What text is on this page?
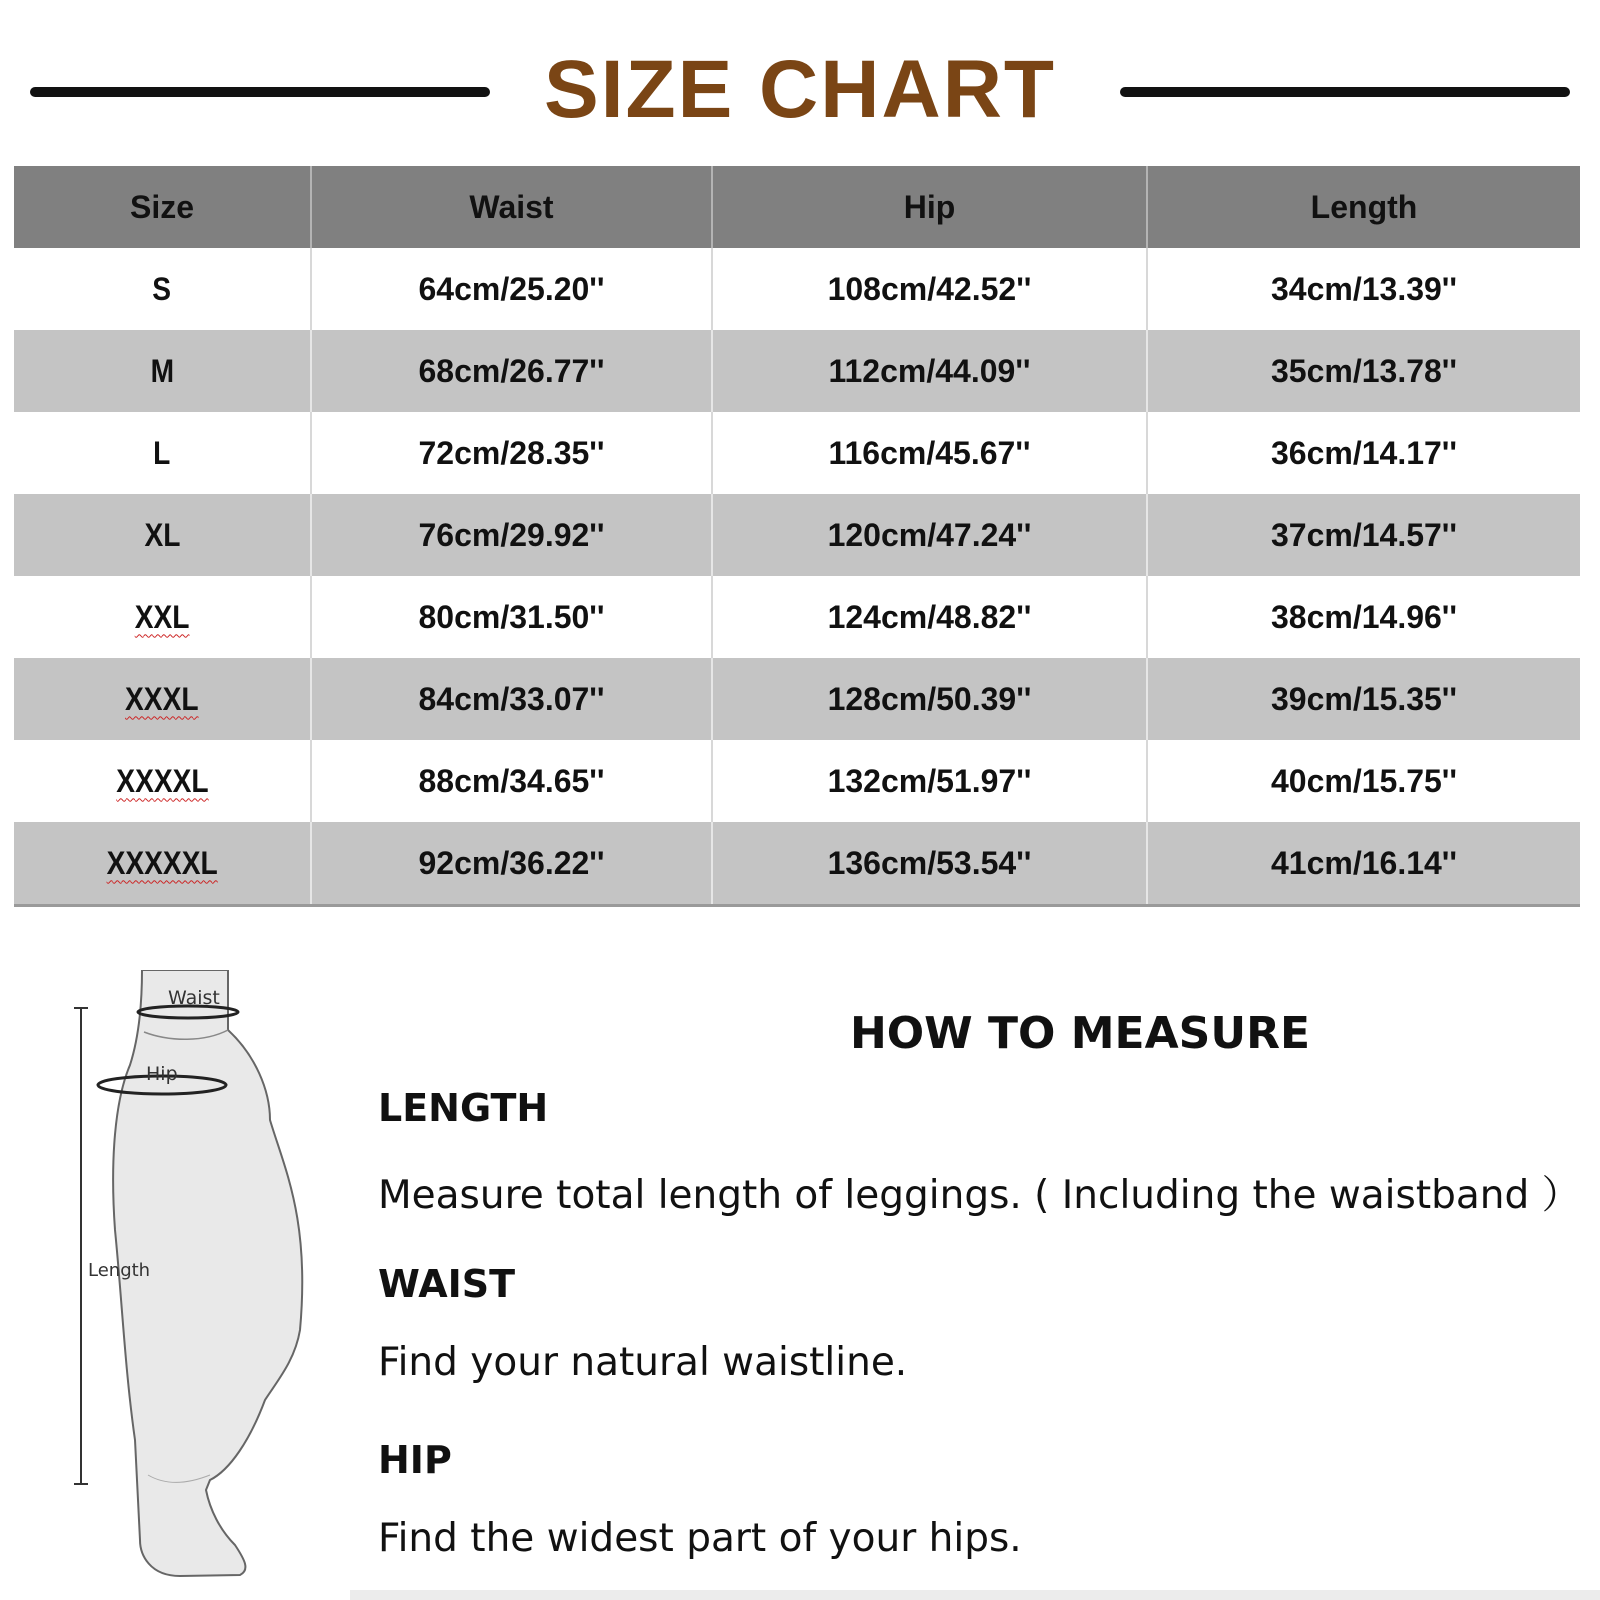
SIZE CHART
Size	Waist	Hip	Length
S	64cm/25.20''	108cm/42.52''	34cm/13.39''
M	68cm/26.77''	112cm/44.09''	35cm/13.78''
L	72cm/28.35''	116cm/45.67''	36cm/14.17''
XL	76cm/29.92''	120cm/47.24''	37cm/14.57''
XXL	80cm/31.50''	124cm/48.82''	38cm/14.96''
XXXL	84cm/33.07''	128cm/50.39''	39cm/15.35''
XXXXL	88cm/34.65''	132cm/51.97''	40cm/15.75''
XXXXXL	92cm/36.22''	136cm/53.54''	41cm/16.14''
Waist
Hip
Length
HOW TO MEASURE
LENGTH
Measure total length of leggings. ( Including the waistband ）
WAIST
Find your natural waistline.
HIP
Find the widest part of your hips.
